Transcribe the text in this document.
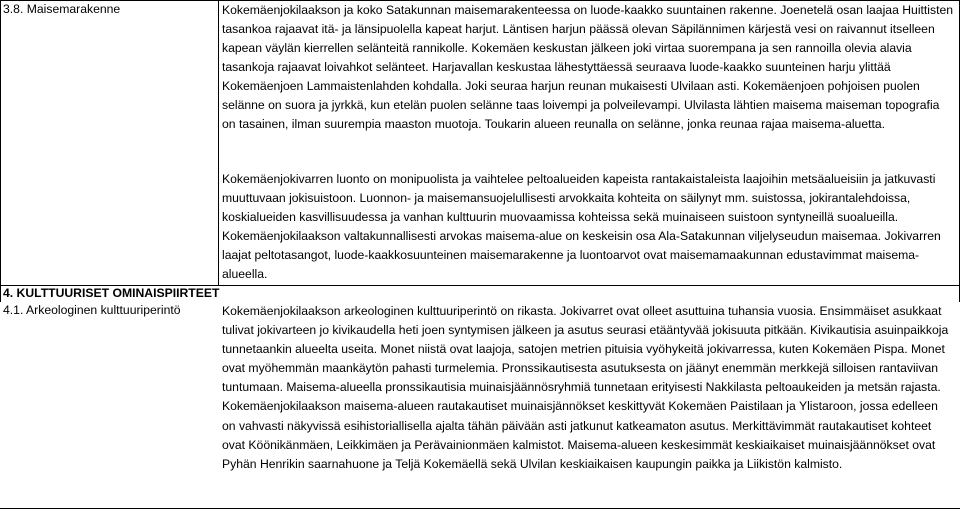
3.8. Maisemarakenne	Kokemäenjokilaakson ja koko Satakunnan maisemarakenteessa on luode-kaakko suuntainen rakenne. Joenetelä osan laajaa Huittisten tasankoa rajaavat itä- ja länsipuolella kapeat harjut. Läntisen harjun päässä olevan Säpilännimen kärjestä vesi on raivannut itselleen kapean väylän kierrellen selänteitä rannikolle. Kokemäen keskustan jälkeen joki virtaa suorempana ja sen rannoilla olevia alavia tasankoja rajaavat loivahkot selänteet. Harjavallan keskustaa lähestyttäessä seuraava luode-kaakko suunteinen harju ylittää Kokemäenjoen Lammaistenlahden kohdalla. Joki seuraa harjun reunan mukaisesti Ulvilaan asti. Kokemäenjoen pohjoisen puolen selänne on suora ja jyrkkä, kun etelän puolen selänne taas loivempi ja polveilevampi. Ulvilasta lähtien maisema maiseman topografia on tasainen, ilman suurempia maaston muotoja. Toukarin alueen reunalla on selänne, jonka reunaa rajaa maisema-aluetta.

Kokemäenjokivarren luonto on monipuolista ja vaihtelee peltoalueiden kapeista rantakaistaleista laajoihin metsäalueisiin ja jatkuvasti muuttuvaan jokisuistoon. Luonnon- ja maisemansuojelullisesti arvokkaita kohteita on säilynyt mm. suistossa, jokirantalehdoissa, koskialueiden kasvillisuudessa ja vanhan kulttuurin muovaamissa kohteissa sekä muinaiseen suistoon syntyneillä suoalueilla. Kokemäenjokilaakson valtakunnallisesti arvokas maisema-alue on keskeisin osa Ala-Satakunnan viljelyseudun maisemaa. Jokivarren laajat peltotasangot, luode-kaakkosuunteinen maisemarakenne ja luontoarvot ovat maisemamaakunnan edustavimmat maisema-alueella.

4. KULTTUURISET OMINAISPIIRTEET
4.1. Arkeologinen kulttuuriperintö	Kokemäenjokilaakson arkeologinen kulttuuriperintö on rikasta. Jokivarret ovat olleet asuttuina tuhansia vuosia. Ensimmäiset asukkaat tulivat jokivarteen jo kivikaudella heti joen syntymisen jälkeen ja asutus seurasi etääntyvää jokisuuta pitkään. Kivikautisia asuinpaikkoja tunnetaankin alueelta useita. Monet niistä ovat laajoja, satojen metrien pituisia vyöhykeitä jokivarressa, kuten Kokemäen Pispa. Monet ovat myöhemmän maankäytön pahasti turmelemia. Pronssikautisesta asutuksesta on jäänyt enemmän merkkejä silloisen rantaviivan tuntumaan. Maisema-alueella pronssikautisia muinaisjäännösryhmiä tunnetaan erityisesti Nakkilasta peltoaukeiden ja metsän rajasta. Kokemäenjokilaakson maisema-alueen rautakautiset muinaisjännökset keskittyvät Kokemäen Paistilaan ja Ylistaroon, jossa edelleen on vahvasti näkyvissä esihistoriallisella ajalta tähän päivään asti jatkunut katkeamaton asutus. Merkittävimmät rautakautiset kohteet ovat Köönikänmäen, Leikkimäen ja Perävainionmäen kalmistot. Maisema-alueen keskesimmät keskiaikaiset muinaisjäännökset ovat Pyhän Henrikin saarnahuone ja Teljä Kokemäellä sekä Ulvilan keskiaikaisen kaupungin paikka ja Liikistön kalmisto.
